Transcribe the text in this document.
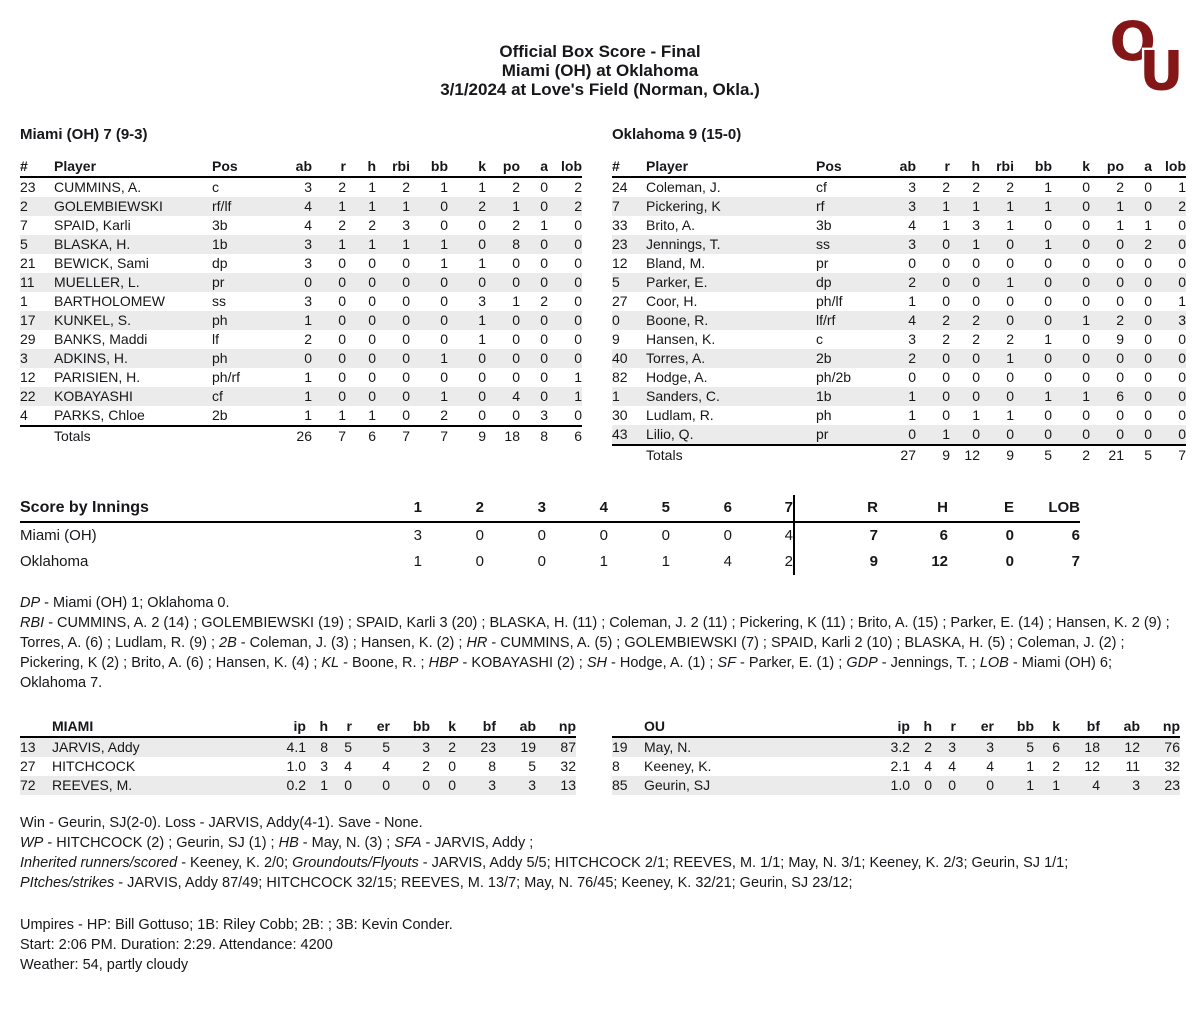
Official Box Score - Final
Miami (OH) at Oklahoma
3/1/2024 at Love's Field (Norman, Okla.)
O
U
Miami (OH) 7 (9-3)
#	Player	Pos	ab	r	h	rbi	bb	k	po	a	lob
23	CUMMINS, A.	c	3	2	1	2	1	1	2	0	2
2	GOLEMBIEWSKI	rf/lf	4	1	1	1	0	2	1	0	2
7	SPAID, Karli	3b	4	2	2	3	0	0	2	1	0
5	BLASKA, H.	1b	3	1	1	1	1	0	8	0	0
21	BEWICK, Sami	dp	3	0	0	0	1	1	0	0	0
11	MUELLER, L.	pr	0	0	0	0	0	0	0	0	0
1	BARTHOLOMEW	ss	3	0	0	0	0	3	1	2	0
17	KUNKEL, S.	ph	1	0	0	0	0	1	0	0	0
29	BANKS, Maddi	lf	2	0	0	0	0	1	0	0	0
3	ADKINS, H.	ph	0	0	0	0	1	0	0	0	0
12	PARISIEN, H.	ph/rf	1	0	0	0	0	0	0	0	1
22	KOBAYASHI	cf	1	0	0	0	1	0	4	0	1
4	PARKS, Chloe	2b	1	1	1	0	2	0	0	3	0
	Totals		26	7	6	7	7	9	18	8	6
Oklahoma 9 (15-0)
#	Player	Pos	ab	r	h	rbi	bb	k	po	a	lob
24	Coleman, J.	cf	3	2	2	2	1	0	2	0	1
7	Pickering, K	rf	3	1	1	1	1	0	1	0	2
33	Brito, A.	3b	4	1	3	1	0	0	1	1	0
23	Jennings, T.	ss	3	0	1	0	1	0	0	2	0
12	Bland, M.	pr	0	0	0	0	0	0	0	0	0
5	Parker, E.	dp	2	0	0	1	0	0	0	0	0
27	Coor, H.	ph/lf	1	0	0	0	0	0	0	0	1
0	Boone, R.	lf/rf	4	2	2	0	0	1	2	0	3
9	Hansen, K.	c	3	2	2	2	1	0	9	0	0
40	Torres, A.	2b	2	0	0	1	0	0	0	0	0
82	Hodge, A.	ph/2b	0	0	0	0	0	0	0	0	0
1	Sanders, C.	1b	1	0	0	0	1	1	6	0	0
30	Ludlam, R.	ph	1	0	1	1	0	0	0	0	0
43	Lilio, Q.	pr	0	1	0	0	0	0	0	0	0
	Totals		27	9	12	9	5	2	21	5	7
Score by Innings	1	2	3	4	5	6	7	R	H	E	LOB
Miami (OH)	3	0	0	0	0	0	4	7	6	0	6
Oklahoma	1	0	0	1	1	4	2	9	12	0	7

DP - Miami (OH) 1; Oklahoma 0.

RBI - CUMMINS, A. 2 (14) ; GOLEMBIEWSKI (19) ; SPAID, Karli 3 (20) ; BLASKA, H. (11) ; Coleman, J. 2 (11) ; Pickering, K (11) ; Brito, A. (15) ; Parker, E. (14) ; Hansen, K. 2 (9) ; Torres, A. (6) ; Ludlam, R. (9) ; 2B - Coleman, J. (3) ; Hansen, K. (2) ; HR - CUMMINS, A. (5) ; GOLEMBIEWSKI (7) ; SPAID, Karli 2 (10) ; BLASKA, H. (5) ; Coleman, J. (2) ; Pickering, K (2) ; Brito, A. (6) ; Hansen, K. (4) ; KL - Boone, R. ; HBP - KOBAYASHI (2) ; SH - Hodge, A. (1) ; SF - Parker, E. (1) ; GDP - Jennings, T. ; LOB - Miami (OH) 6; Oklahoma 7.

	MIAMI	ip	h	r	er	bb	k	bf	ab	np
13	JARVIS, Addy	4.1	8	5	5	3	2	23	19	87
27	HITCHCOCK	1.0	3	4	4	2	0	8	5	32
72	REEVES, M.	0.2	1	0	0	0	0	3	3	13
	OU	ip	h	r	er	bb	k	bf	ab	np
19	May, N.	3.2	2	3	3	5	6	18	12	76
8	Keeney, K.	2.1	4	4	4	1	2	12	11	32
85	Geurin, SJ	1.0	0	0	0	1	1	4	3	23

Win - Geurin, SJ(2-0). Loss - JARVIS, Addy(4-1). Save - None.

WP - HITCHCOCK (2) ; Geurin, SJ (1) ; HB - May, N. (3) ; SFA - JARVIS, Addy ;

Inherited runners/scored - Keeney, K. 2/0; Groundouts/Flyouts - JARVIS, Addy 5/5; HITCHCOCK 2/1; REEVES, M. 1/1; May, N. 3/1; Keeney, K. 2/3; Geurin, SJ 1/1;

PItches/strikes - JARVIS, Addy 87/49; HITCHCOCK 32/15; REEVES, M. 13/7; May, N. 76/45; Keeney, K. 32/21; Geurin, SJ 23/12;

Umpires - HP: Bill Gottuso; 1B: Riley Cobb; 2B: ; 3B: Kevin Conder.

Start: 2:06 PM. Duration: 2:29. Attendance: 4200

Weather: 54, partly cloudy
